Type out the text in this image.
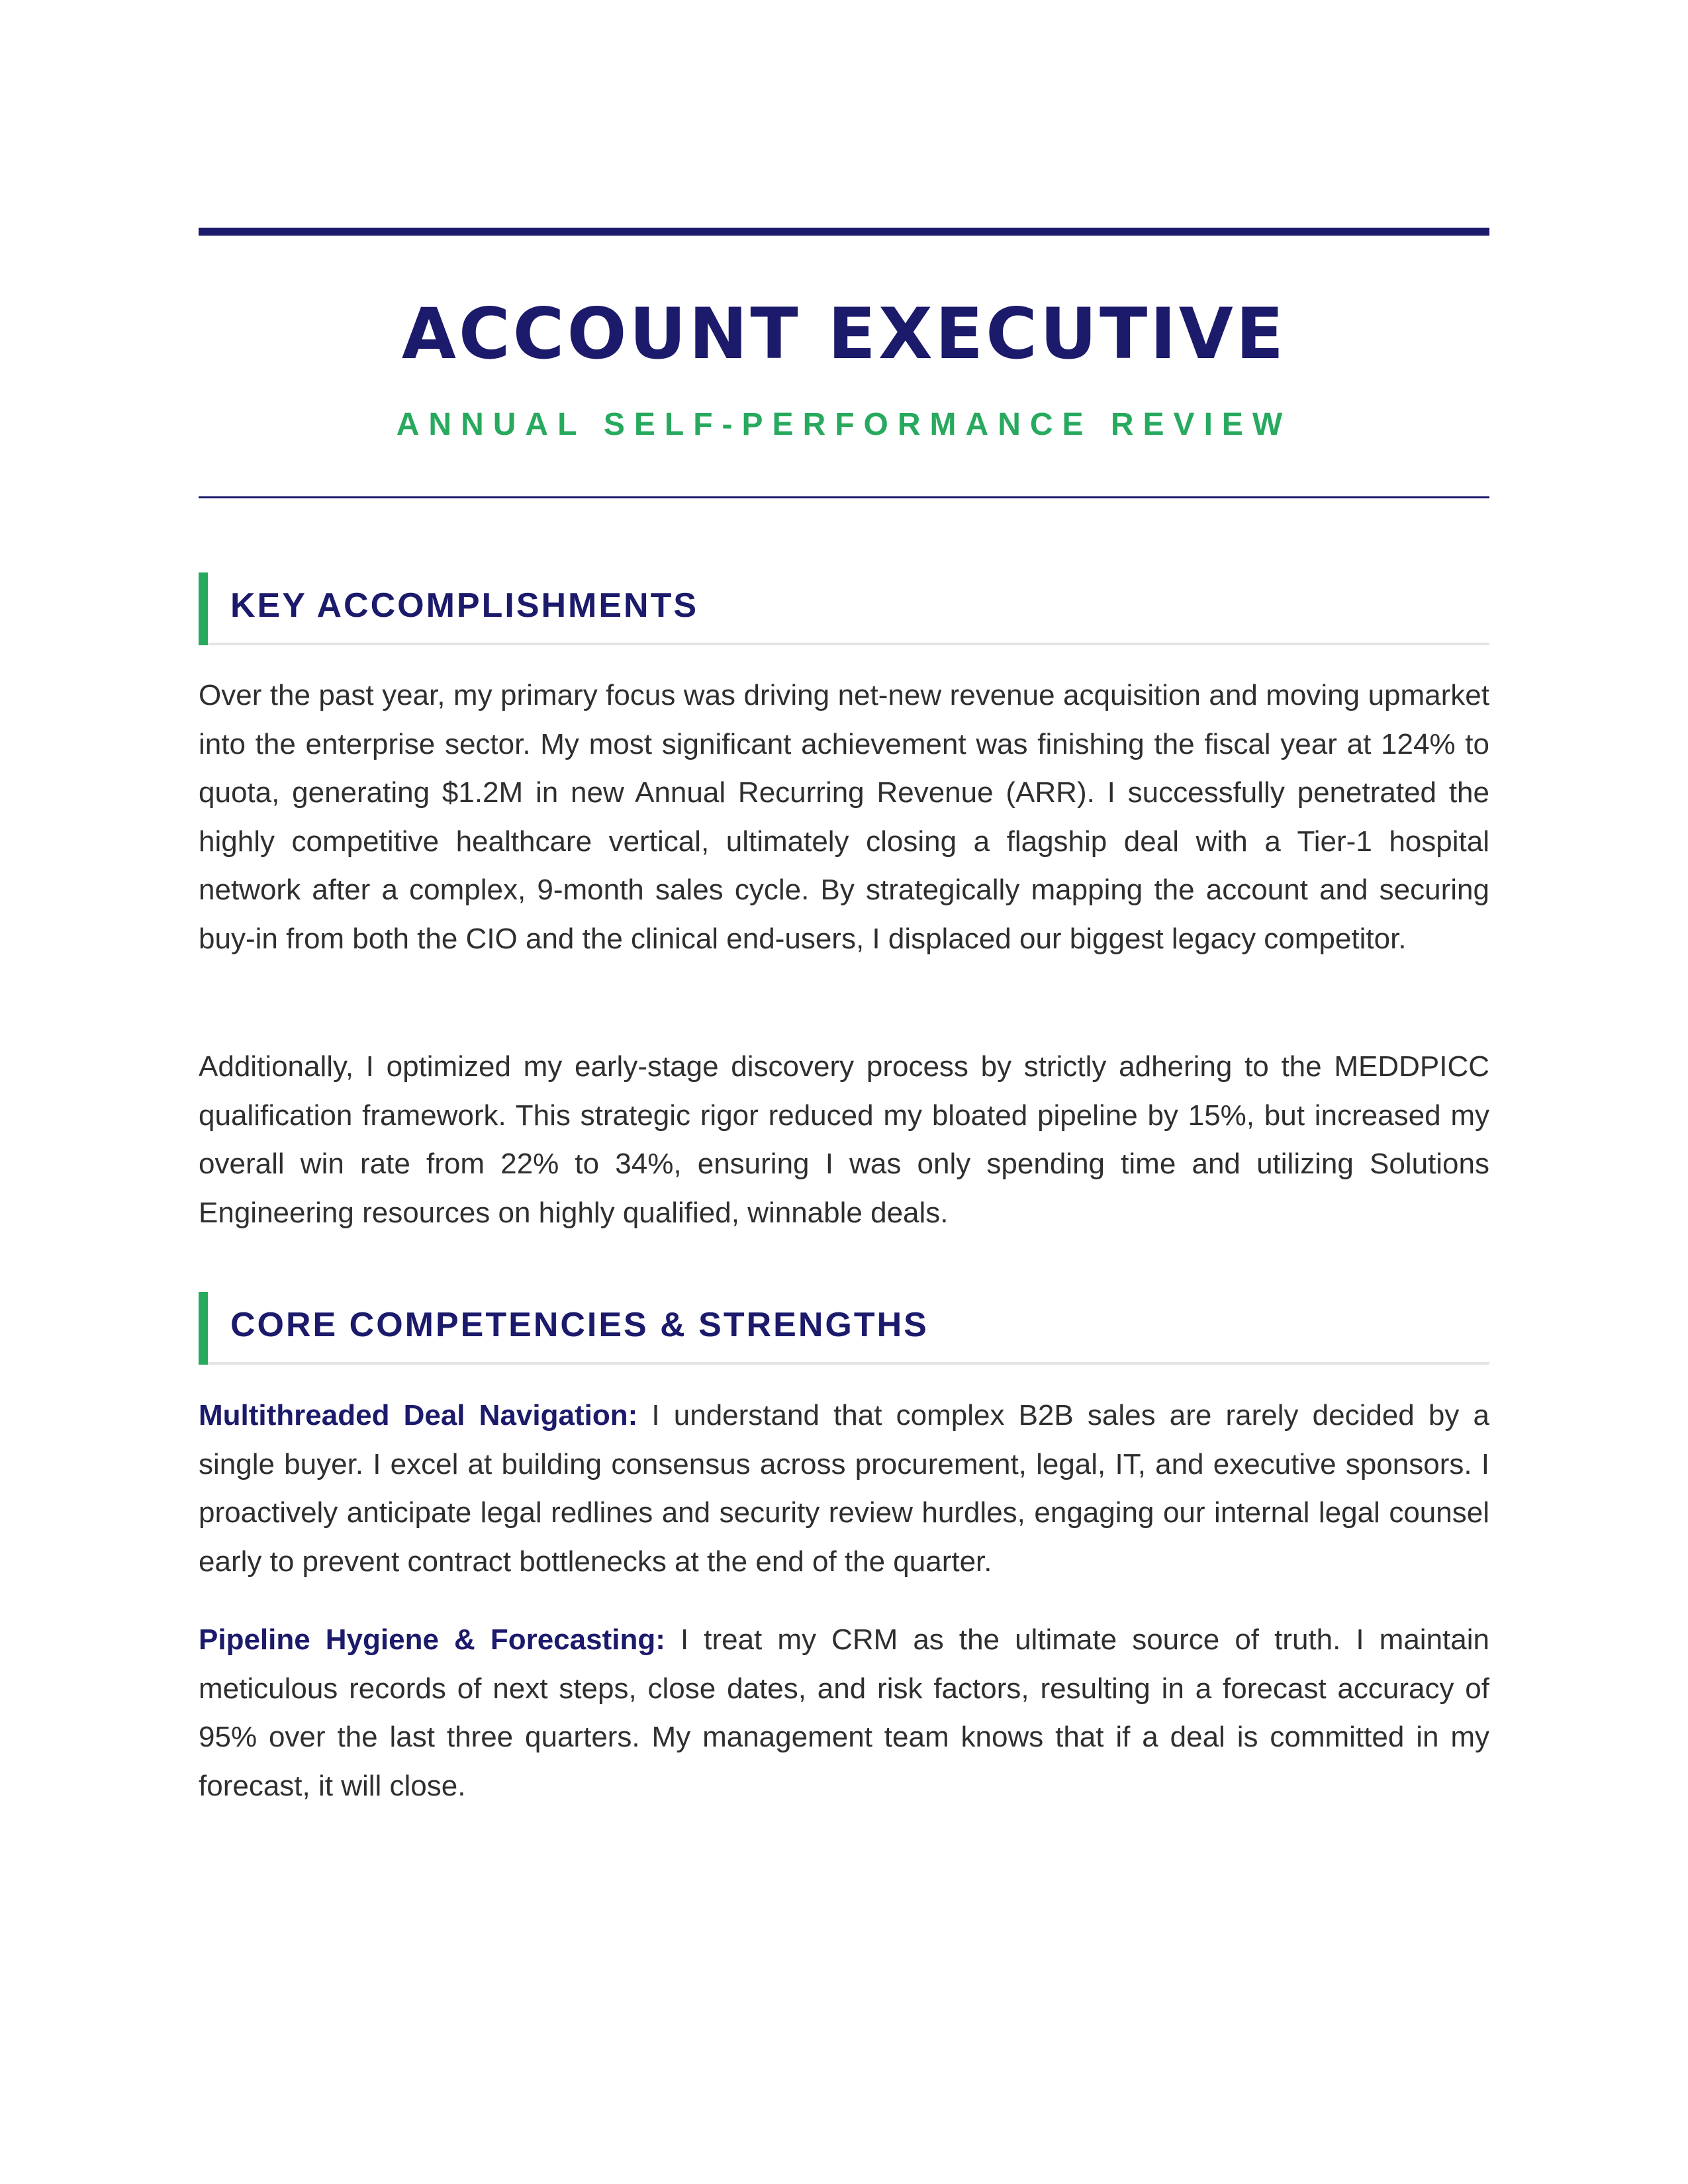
ACCOUNT EXECUTIVE
ANNUAL SELF-PERFORMANCE REVIEW
KEY ACCOMPLISHMENTS

Over the past year, my primary focus was driving net-new revenue acquisition and moving upmarket into the enterprise sector. My most significant achievement was finishing the fiscal year at 124% to quota, generating $1.2M in new Annual Recurring Revenue (ARR). I successfully penetrated the highly competitive healthcare vertical, ultimately closing a flagship deal with a Tier-1 hospital network after a complex, 9-month sales cycle. By strategically mapping the account and securing buy-in from both the CIO and the clinical end-users, I displaced our biggest legacy competitor.

Additionally, I optimized my early-stage discovery process by strictly adhering to the MEDDPICC qualification framework. This strategic rigor reduced my bloated pipeline by 15%, but increased my overall win rate from 22% to 34%, ensuring I was only spending time and utilizing Solutions Engineering resources on highly qualified, winnable deals.

CORE COMPETENCIES & STRENGTHS

Multithreaded Deal Navigation: I understand that complex B2B sales are rarely decided by a single buyer. I excel at building consensus across procurement, legal, IT, and executive sponsors. I proactively anticipate legal redlines and security review hurdles, engaging our internal legal counsel early to prevent contract bottlenecks at the end of the quarter.

Pipeline Hygiene & Forecasting: I treat my CRM as the ultimate source of truth. I maintain meticulous records of next steps, close dates, and risk factors, resulting in a forecast accuracy of 95% over the last three quarters. My management team knows that if a deal is committed in my forecast, it will close.
